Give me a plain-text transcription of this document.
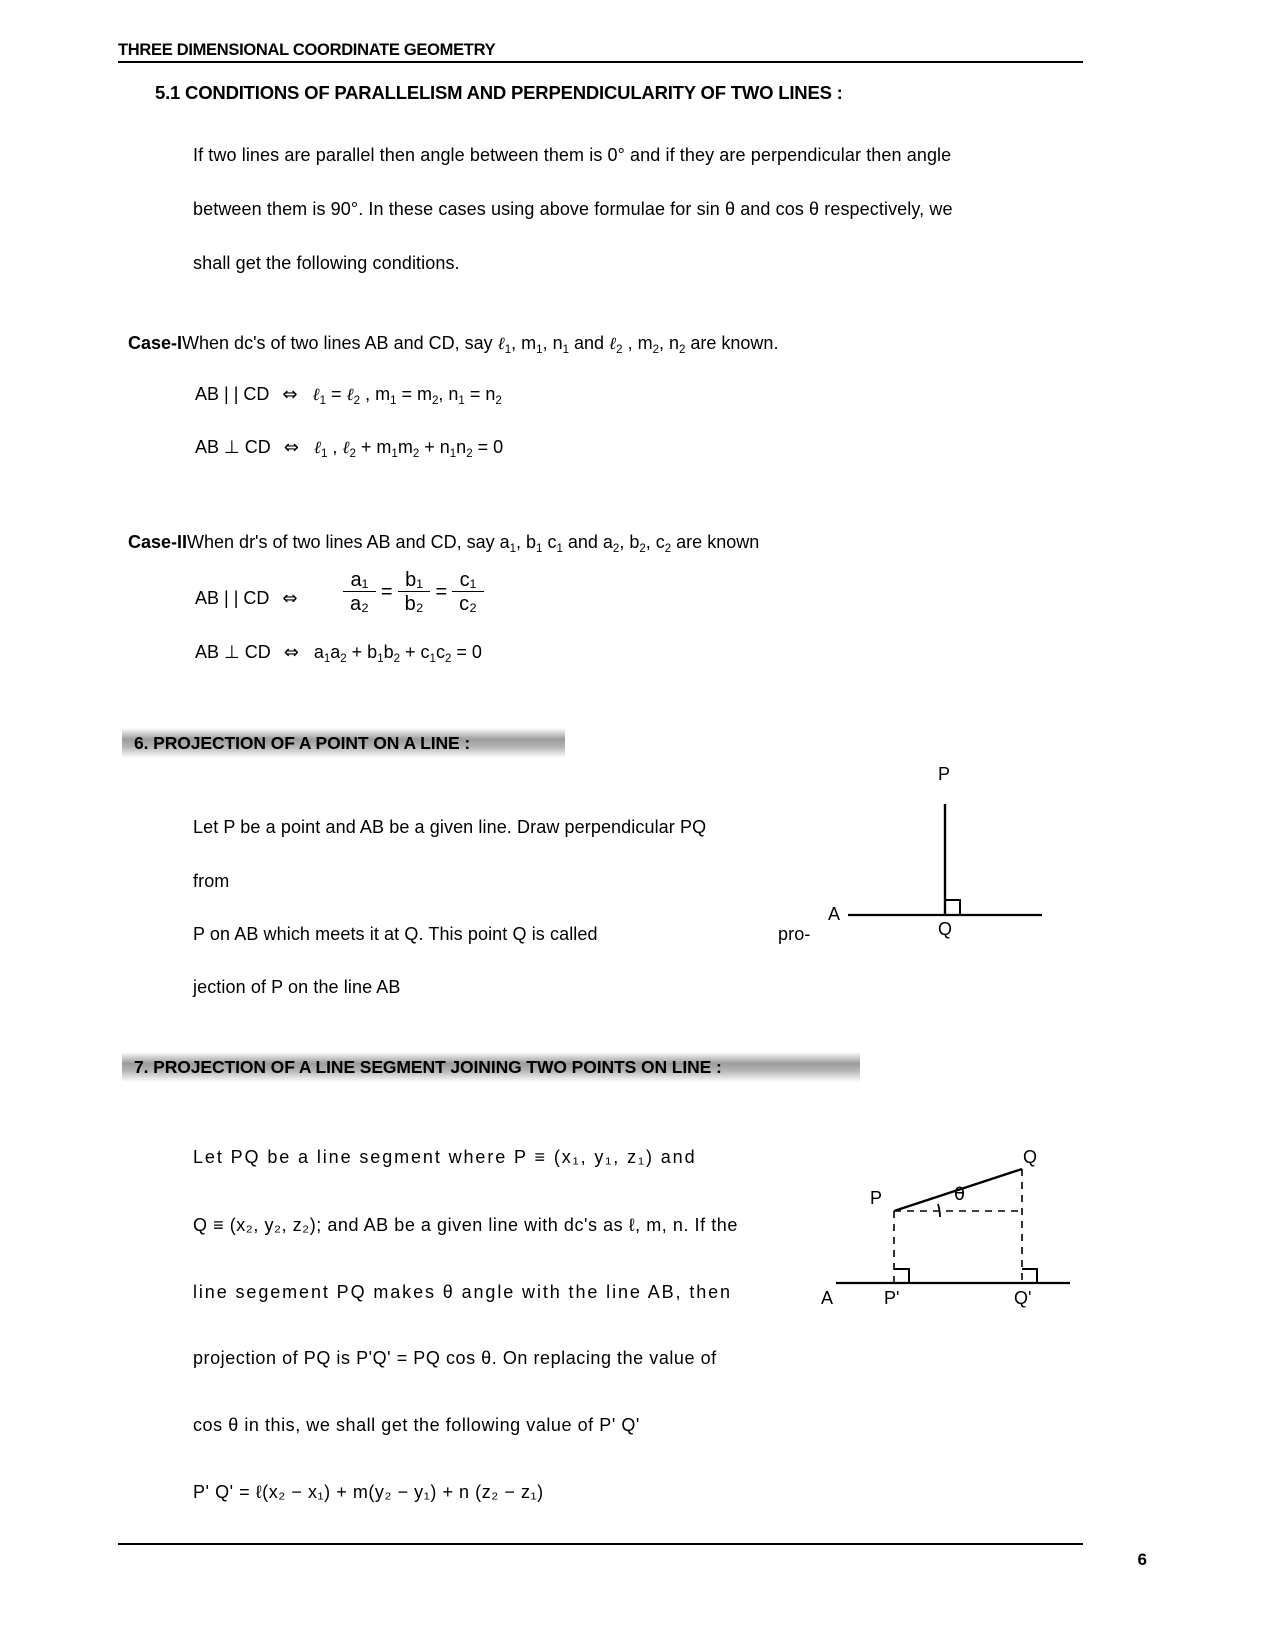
THREE DIMENSIONAL COORDINATE GEOMETRY
5.1 CONDITIONS OF PARALLELISM AND PERPENDICULARITY OF TWO LINES :
If two lines are parallel then angle between them is 0° and if they are perpendicular then angle
between them is 90°. In these cases using above formulae for sin θ and cos θ respectively, we
shall get the following conditions.
Case-IWhen dc's of two lines AB and CD, say ℓ$_1$, $m_1$, $n_1$ and ℓ$_2$ , $m_2$, $n_2$ are known.
AB | | CD ⇔ ℓ$_1$ = ℓ$_2$ , $m_1 = m_2$, $n_1 = n_2$
AB ⊥ CD ⇔ ℓ$_1$ , ℓ$_2$ + $m_1m_2 + n_1n_2 = 0$
Case-IIWhen dr's of two lines AB and CD, say $a_1$, $b_1$ $c_1$ and $a_2$, $b_2$, $c_2$ are known
AB | | CD ⇔	$\frac{\text{a₁}}{\text{a₂}} = \frac{\text{b₁}}{\text{b₂}} = \frac{\text{c₁}}{\text{c₂}}$
AB ⊥ CD ⇔ $a_1a_2 + b_1b_2 + c_1c_2 = 0$
6. PROJECTION OF A POINT ON A LINE :
Let P be a point and AB be a given line. Draw perpendicular PQ
from
P on AB which meets it at Q. This point Q is called	pro-
jection of P on the line AB
P
A
Q
7. PROJECTION OF A LINE SEGMENT JOINING TWO POINTS ON LINE :
Let PQ be a line segment where P ≡ (x₁, y₁, z₁) and
Q ≡ (x₂, y₂, z₂); and AB be a given line with dc's as ℓ, m, n. If the
line segement PQ makes θ angle with the line AB, then
projection of PQ is P'Q' = PQ cos θ. On replacing the value of
cos θ in this, we shall get the following value of P' Q'
P' Q' = ℓ(x₂ − x₁) + m(y₂ − y₁) + n (z₂ − z₁)
P
Q
θ
A	P'	Q'
6
